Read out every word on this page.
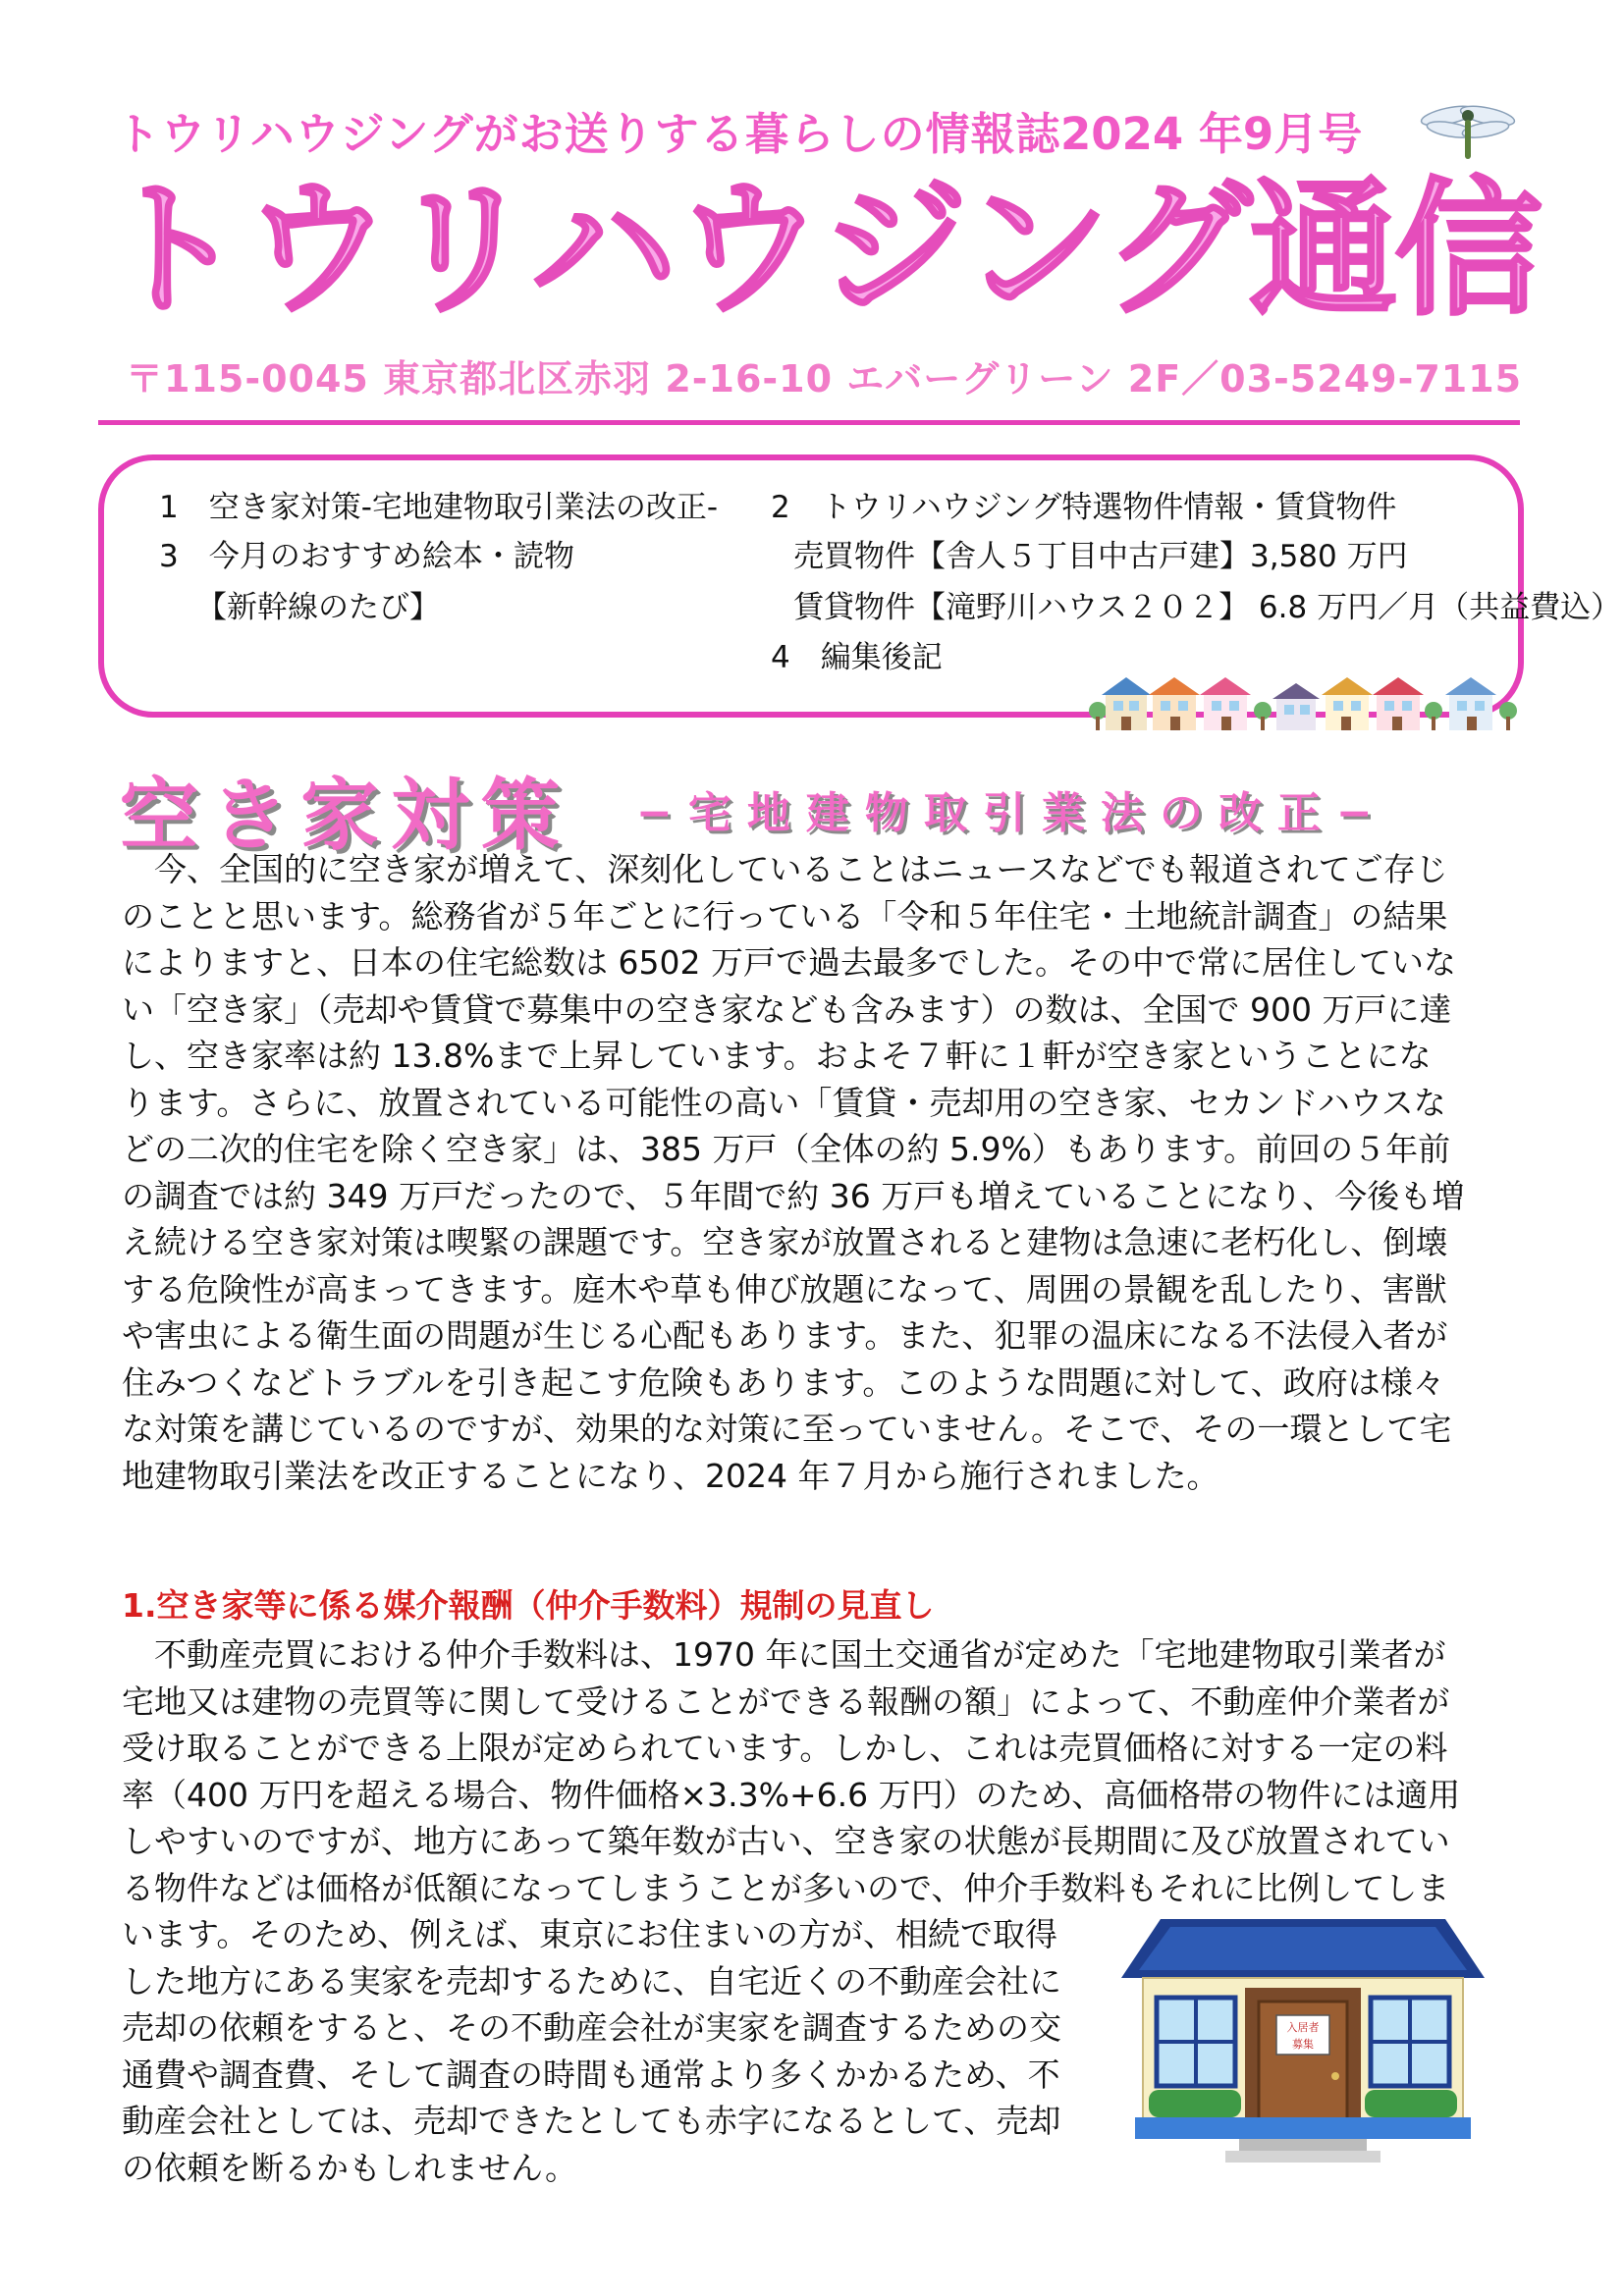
トウリハウジングがお送りする暮らしの情報誌 2024 年9月号
トウリハウジング通信
〒115-0045 東京都北区赤羽 2-16-10 エバーグリーン 2F／03-5249-7115
1　空き家対策-宅地建物取引業法の改正-
3　今月のおすすめ絵本・読物
【新幹線のたび】
2　トウリハウジング特選物件情報・賃貸物件
売買物件【舎人５丁目中古戸建】3,580 万円
賃貸物件【滝野川ハウス２０２】 6.8 万円／月（共益費込）
4　編集後記
空き家対策 −宅地建物取引業法の改正−

　今、全国的に空き家が増えて、深刻化していることはニュースなどでも報道されてご存じ

のことと思います。総務省が５年ごとに行っている「令和５年住宅・土地統計調査」の結果

によりますと、日本の住宅総数は 6502 万戸で過去最多でした。その中で常に居住していな

い「空き家」（売却や賃貸で募集中の空き家なども含みます）の数は、全国で 900 万戸に達

し、空き家率は約 13.8%まで上昇しています。およそ７軒に１軒が空き家ということにな

ります。さらに、放置されている可能性の高い「賃貸・売却用の空き家、セカンドハウスな

どの二次的住宅を除く空き家」は、385 万戸（全体の約 5.9%）もあります。前回の５年前

の調査では約 349 万戸だったので、５年間で約 36 万戸も増えていることになり、今後も増

え続ける空き家対策は喫緊の課題です。空き家が放置されると建物は急速に老朽化し、倒壊

する危険性が高まってきます。庭木や草も伸び放題になって、周囲の景観を乱したり、害獣

や害虫による衛生面の問題が生じる心配もあります。また、犯罪の温床になる不法侵入者が

住みつくなどトラブルを引き起こす危険もあります。このような問題に対して、政府は様々

な対策を講じているのですが、効果的な対策に至っていません。そこで、その一環として宅

地建物取引業法を改正することになり、2024 年７月から施行されました。

1.空き家等に係る媒介報酬（仲介手数料）規制の見直し

　不動産売買における仲介手数料は、1970 年に国土交通省が定めた「宅地建物取引業者が

宅地又は建物の売買等に関して受けることができる報酬の額」によって、不動産仲介業者が

受け取ることができる上限が定められています。しかし、これは売買価格に対する一定の料

率（400 万円を超える場合、物件価格×3.3%+6.6 万円）のため、高価格帯の物件には適用

しやすいのですが、地方にあって築年数が古い、空き家の状態が長期間に及び放置されてい

る物件などは価格が低額になってしまうことが多いので、仲介手数料もそれに比例してしま

います。そのため、例えば、東京にお住まいの方が、相続で取得

した地方にある実家を売却するために、自宅近くの不動産会社に

売却の依頼をすると、その不動産会社が実家を調査するための交

通費や調査費、そして調査の時間も通常より多くかかるため、不

動産会社としては、売却できたとしても赤字になるとして、売却

の依頼を断るかもしれません。

入居者
募集
